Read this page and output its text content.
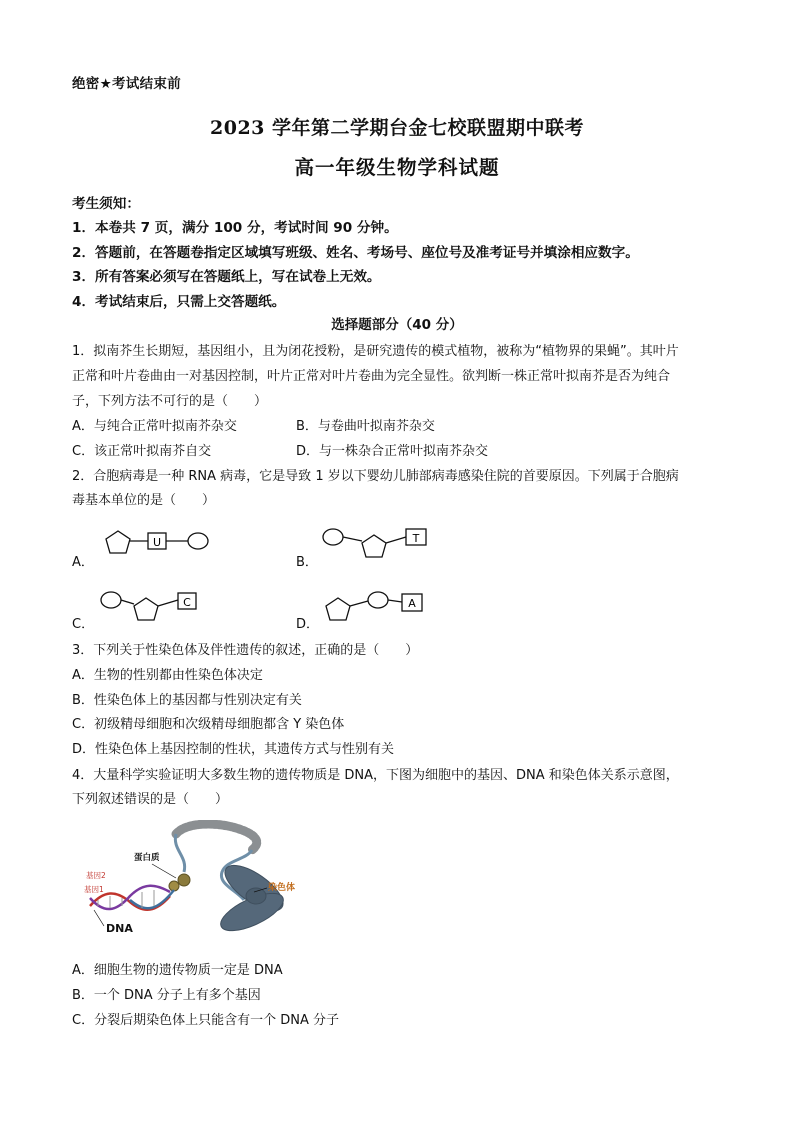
绝密★考试结束前
2023 学年第二学期台金七校联盟期中联考
高一年级生物学科试题
考生须知：
1．本卷共 7 页，满分 100 分，考试时间 90 分钟。
2．答题前，在答题卷指定区域填写班级、姓名、考场号、座位号及准考证号并填涂相应数字。
3．所有答案必须写在答题纸上，写在试卷上无效。
4．考试结束后，只需上交答题纸。
选择题部分（40 分）
1．拟南芥生长期短，基因组小，且为闭花授粉，是研究遗传的模式植物，被称为“植物界的果蝇”。其叶片
正常和叶片卷曲由一对基因控制，叶片正常对叶片卷曲为完全显性。欲判断一株正常叶拟南芥是否为纯合
子，下列方法不可行的是（　　）
A．与纯合正常叶拟南芥杂交	B．与卷曲叶拟南芥杂交
C．该正常叶拟南芥自交	D．与一株杂合正常叶拟南芥杂交
2．合胞病毒是一种 RNA 病毒，它是导致 1 岁以下婴幼儿肺部病毒感染住院的首要原因。下列属于合胞病
毒基本单位的是（　　）
A．
U
B．
T
C．
C
D．
A
3．下列关于性染色体及伴性遗传的叙述，正确的是（　　）
A．生物的性别都由性染色体决定
B．性染色体上的基因都与性别决定有关
C．初级精母细胞和次级精母细胞都含 Y 染色体
D．性染色体上基因控制的性状，其遗传方式与性别有关
4．大量科学实验证明大多数生物的遗传物质是 DNA，下图为细胞中的基因、DNA 和染色体关系示意图，
下列叙述错误的是（　　）
蛋白质
基因2
基因1	染色体
DNA
A．细胞生物的遗传物质一定是 DNA
B．一个 DNA 分子上有多个基因
C．分裂后期染色体上只能含有一个 DNA 分子
